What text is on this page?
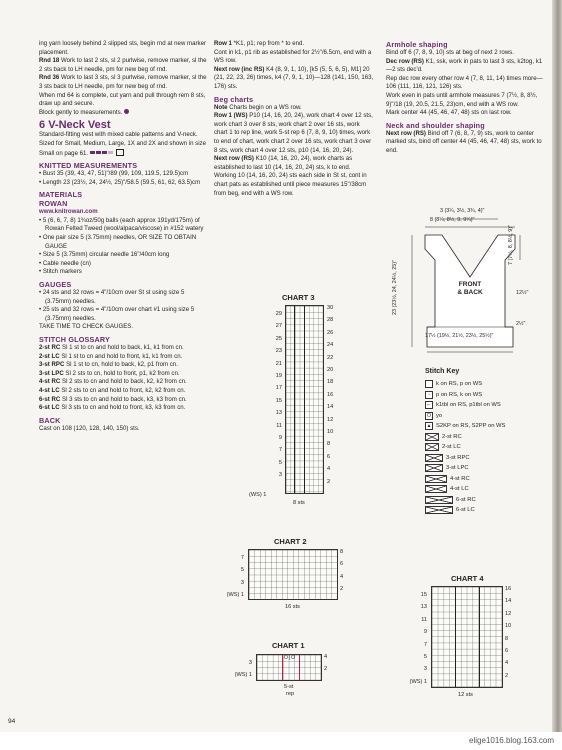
ing yarn loosely behind 2 slipped sts, begin rnd at new marker placement.

Rnd 18 Work to last 2 sts, sl 2 purlwise, remove marker, sl the 2 sts back to LH needle, pm for new beg of rnd.

Rnd 36 Work to last 3 sts, sl 3 purlwise, remove marker, sl the 3 sts back to LH needle, pm for new beg of rnd.

When rnd 64 is complete, cut yarn and pull through rem 8 sts, draw up and secure.

Block gently to measurements.

6 V-Neck Vest

Standard-fitting vest with mixed cable patterns and V-neck. Sized for Small, Medium, Large, 1X and 2X and shown in size Small on page 61.

KNITTED MEASUREMENTS

• Bust 35 (39, 43, 47, 51)"/89 (99, 109, 119.5, 129.5)cm

• Length 23 (23½, 24, 24½, 25)"/58.5 (59.5, 61, 62, 63.5)cm

MATERIALS
ROWAN

www.knitrowan.com

• 5 (6, 6, 7, 8) 1¾oz/50g balls (each approx 191yd/175m) of Rowan Felted Tweed (wool/alpaca/viscose) in #152 watery

• One pair size 5 (3.75mm) needles, OR SIZE TO OBTAIN GAUGE

• Size 5 (3.75mm) circular needle 16"/40cm long

• Cable needle (cn)

• Stitch markers

GAUGES

• 24 sts and 32 rows = 4"/10cm over St st using size 5 (3.75mm) needles.

• 25 sts and 32 rows = 4"/10cm over chart #1 using size 5 (3.75mm) needles.

TAKE TIME TO CHECK GAUGES.

STITCH GLOSSARY

2-st RC Sl 1 st to cn and hold to back, k1, k1 from cn.

2-st LC Sl 1 st to cn and hold to front, k1, k1 from cn.

3-st RPC Sl 1 st to cn, hold to back, k2, p1 from cn.

3-st LPC Sl 2 sts to cn, hold to front, p1, k2 from cn.

4-st RC Sl 2 sts to cn and hold to back, k2, k2 from cn.

4-st LC Sl 2 sts to cn and hold to front, k2, k2 from cn.

6-st RC Sl 3 sts to cn and hold to back, k3, k3 from cn.

6-st LC Sl 3 sts to cn and hold to front, k3, k3 from cn.

BACK

Cast on 108 (120, 128, 140, 150) sts.

Row 1 *K1, p1; rep from * to end.

Cont in k1, p1 rib as established for 2½"/6.5cm, end with a WS row.

Next row (inc RS) K4 (8, 9, 1, 10), [k5 (5, 5, 6, 5), M1] 20 (21, 22, 23, 26) times, k4 (7, 9, 1, 10)—128 (141, 150, 163, 176) sts.

Beg charts

Note Charts begin on a WS row.

Row 1 (WS) P10 (14, 16, 20, 24), work chart 4 over 12 sts, work chart 3 over 8 sts, work chart 2 over 16 sts, work chart 1 to rep line, work 5-st rep 6 (7, 8, 9, 10) times, work to end of chart, work chart 2 over 16 sts, work chart 3 over 8 sts, work chart 4 over 12 sts, p10 (14, 16, 20, 24).

Next row (RS) K10 (14, 16, 20, 24), work charts as established to last 10 (14, 16, 20, 24) sts, k to end.

Working 10 (14, 16, 20, 24) sts each side in St st, cont in chart pats as established until piece measures 15"/38cm from beg, end with a WS row.

Armhole shaping

Bind off 6 (7, 8, 9, 10) sts at beg of next 2 rows.

Dec row (RS) K1, ssk, work in pats to last 3 sts, k2tog, k1—2 sts dec'd.

Rep dec row every other row 4 (7, 8, 11, 14) times more—106 (111, 116, 121, 126) sts.

Work even in pats until armhole measures 7 (7½, 8, 8½, 9)"/18 (19, 20.5, 21.5, 23)cm, end with a WS row.

Mark center 44 (45, 46, 47, 48) sts on last row.

Neck and shoulder shaping

Next row (RS) Bind off 7 (6, 8, 7, 9) sts, work to center marked sts, bind off center 44 (45, 46, 47, 48) sts, work to end.

3 (3¼, 3½, 3¾, 4)"
8 (8¼, 8½, 9, 9¼)"
FRONT
& BACK
7 (7½, 8, 8½, 9)"
23 (23½, 24, 24½, 25)"	12½"
2½"
17½ (19½, 21½, 23½, 25½)"
Stitch Key
k on RS, p on WS
-	p on RS, k on WS
⌐ k1tbl on RS, p1tbl on WS
O yo
▲ S2KP on RS, S2PP on WS
2-st RC
2-st LC
3-st RPC
3-st LPC
4-st RC
4-st LC
6-st RC
6-st LC
CHART 3
29
27
25
23
21
19
17
15
13
11
9
7
5
3
30
28
26
24
22
20
18
16
14
12
10
8
6
4
2
(WS) 1
8 sts
CHART 2
7
5
3
(WS) 1
8
6
4
2
16 sts
CHART 1
O|O
3
(WS) 1
4
2
5-st
rep
CHART 4
15
13
11
9
7
5
3
(WS) 1
16
14
12
10
8
6
4
2
12 sts
94
elige1016.blog.163.com
